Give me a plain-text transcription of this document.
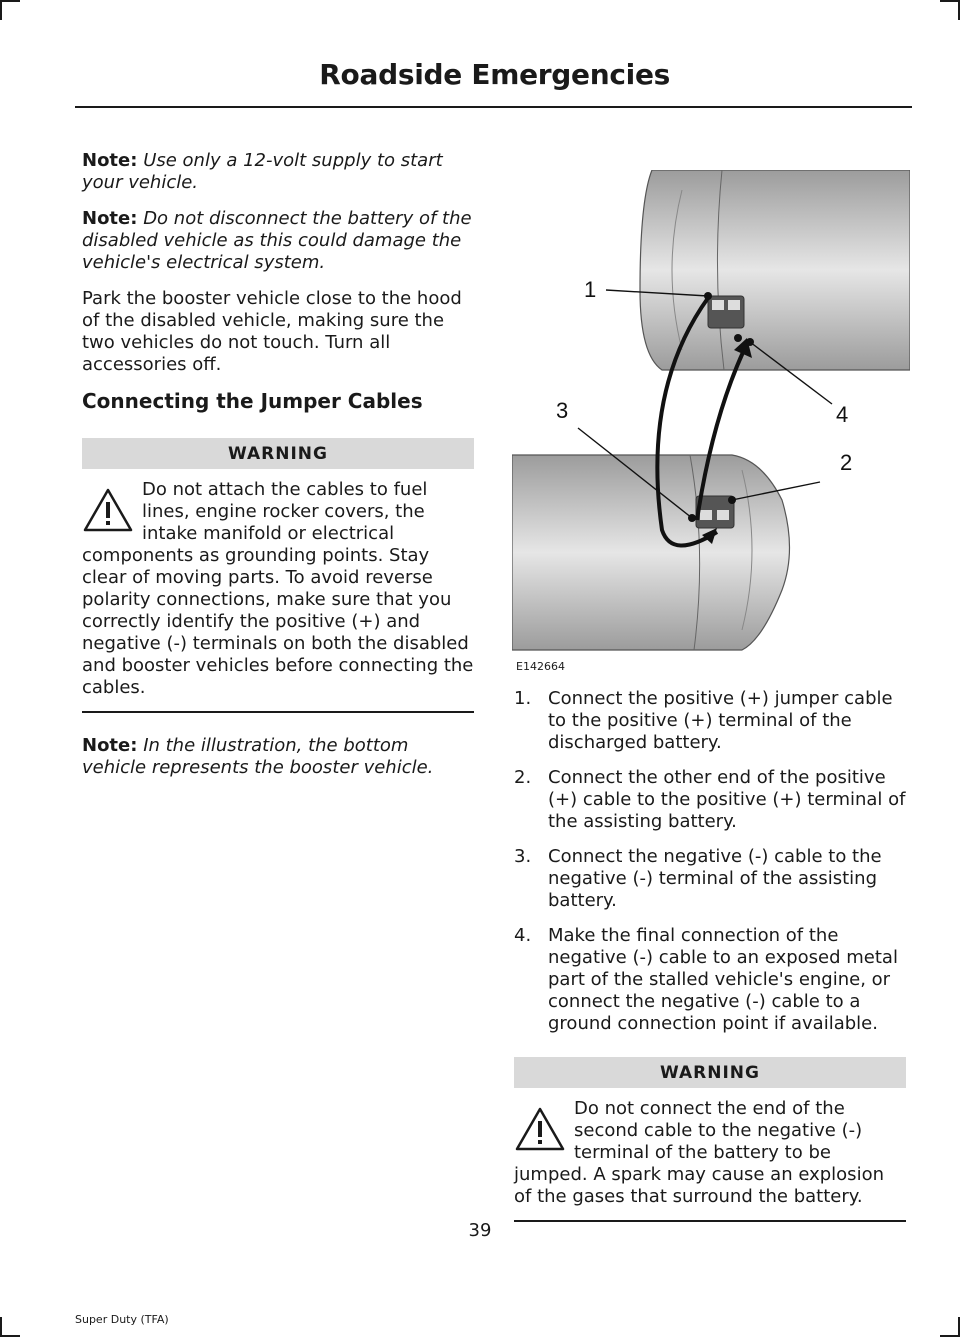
Roadside Emergencies

Note: Use only a 12-volt supply to start your vehicle.

Note: Do not disconnect the battery of the disabled vehicle as this could damage the vehicle's electrical system.

Park the booster vehicle close to the hood of the disabled vehicle, making sure the two vehicles do not touch. Turn all accessories off.

Connecting the Jumper Cables
WARNING
Do not attach the cables to fuel lines, engine rocker covers, the intake manifold or electrical components as grounding points. Stay clear of moving parts. To avoid reverse polarity connections, make sure that you correctly identify the positive (+) and negative (-) terminals on both the disabled and booster vehicles before connecting the cables.

Note: In the illustration, the bottom vehicle represents the booster vehicle.

1
2
3	4
E142664
1. Connect the positive (+) jumper cable to the positive (+) terminal of the discharged battery.
2. Connect the other end of the positive (+) cable to the positive (+) terminal of the assisting battery.
3. Connect the negative (-) cable to the negative (-) terminal of the assisting battery.
4. Make the final connection of the negative (-) cable to an exposed metal part of the stalled vehicle's engine, or connect the negative (-) cable to a ground connection point if available.
WARNING
Do not connect the end of the second cable to the negative (-) terminal of the battery to be jumped. A spark may cause an explosion of the gases that surround the battery.
39
Super Duty (TFA)
